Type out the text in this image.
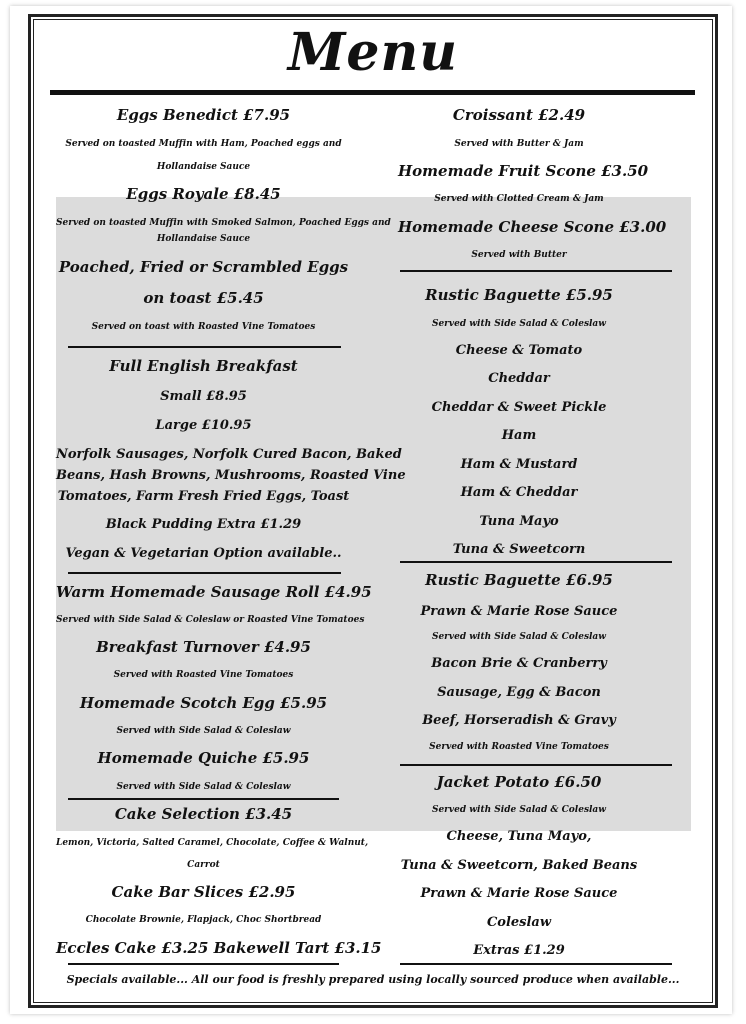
Menu
Eggs Benedict £7.95
Served on toasted Muffin with Ham, Poached eggs and
Hollandaise Sauce
Eggs Royale £8.45
Served on toasted Muffin with Smoked Salmon, Poached Eggs and
Hollandaise Sauce
Poached, Fried or Scrambled Eggs
on toast £5.45
Served on toast with Roasted Vine Tomatoes
Full English Breakfast
Small £8.95
Large £10.95
Norfolk Sausages, Norfolk Cured Bacon, Baked
Beans, Hash Browns, Mushrooms, Roasted Vine
Tomatoes, Farm Fresh Fried Eggs, Toast
Black Pudding Extra £1.29
Vegan & Vegetarian Option available..
Warm Homemade Sausage Roll £4.95
Served with Side Salad & Coleslaw or Roasted Vine Tomatoes
Breakfast Turnover £4.95
Served with Roasted Vine Tomatoes
Homemade Scotch Egg £5.95
Served with Side Salad & Coleslaw
Homemade Quiche £5.95
Served with Side Salad & Coleslaw
Cake Selection £3.45
Lemon, Victoria, Salted Caramel, Chocolate, Coffee & Walnut,
Carrot
Cake Bar Slices £2.95
Chocolate Brownie, Flapjack, Choc Shortbread
Eccles Cake £3.25 Bakewell Tart £3.15
Croissant £2.49
Served with Butter & Jam
Homemade Fruit Scone £3.50
Served with Clotted Cream & Jam
Homemade Cheese Scone £3.00
Served with Butter
Rustic Baguette £5.95
Served with Side Salad & Coleslaw
Cheese & Tomato
Cheddar
Cheddar & Sweet Pickle
Ham
Ham & Mustard
Ham & Cheddar
Tuna Mayo
Tuna & Sweetcorn
Rustic Baguette £6.95
Prawn & Marie Rose Sauce
Served with Side Salad & Coleslaw
Bacon Brie & Cranberry
Sausage, Egg & Bacon
Beef, Horseradish & Gravy
Served with Roasted Vine Tomatoes
Jacket Potato £6.50
Served with Side Salad & Coleslaw
Cheese, Tuna Mayo,
Tuna & Sweetcorn, Baked Beans
Prawn & Marie Rose Sauce
Coleslaw
Extras £1.29
Specials available... All our food is freshly prepared using locally sourced produce when available...
